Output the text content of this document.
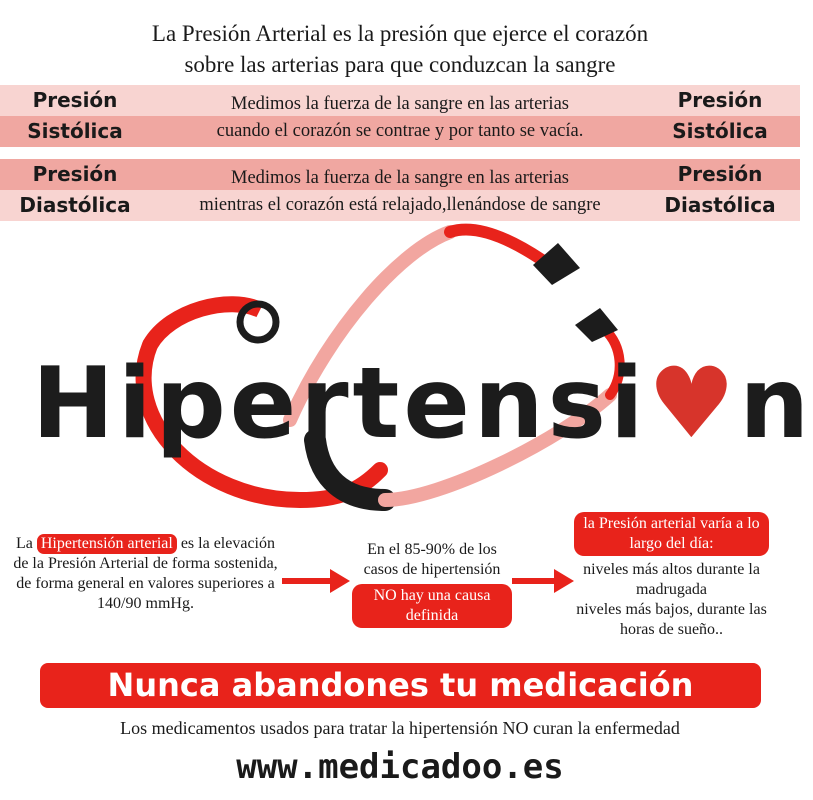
La Presión Arterial es la presión que ejerce el corazón
sobre las arterias para que conduzcan la sangre
Presión
Sistólica
Medimos la fuerza de la sangre en las arterias
cuando el corazón se contrae y por tanto se vacía.
Presión
Sistólica
Presión
Diastólica
Medimos la fuerza de la sangre en las arterias
mientras el corazón está relajado,llenándose de sangre
Presión
Diastólica
Hipertensi♥n
La Hipertensión arterial es la elevación de la Presión Arterial de forma sostenida, de forma general en valores superiores a 140/90 mmHg.
En el 85-90% de los casos de hipertensión
NO hay una causa definida
la Presión arterial varía a lo largo del día:
niveles más altos durante la madrugada
niveles más bajos, durante las horas de sueño..
Nunca abandones tu medicación
Los medicamentos usados para tratar la hipertensión NO curan la enfermedad
www.medicadoo.es
